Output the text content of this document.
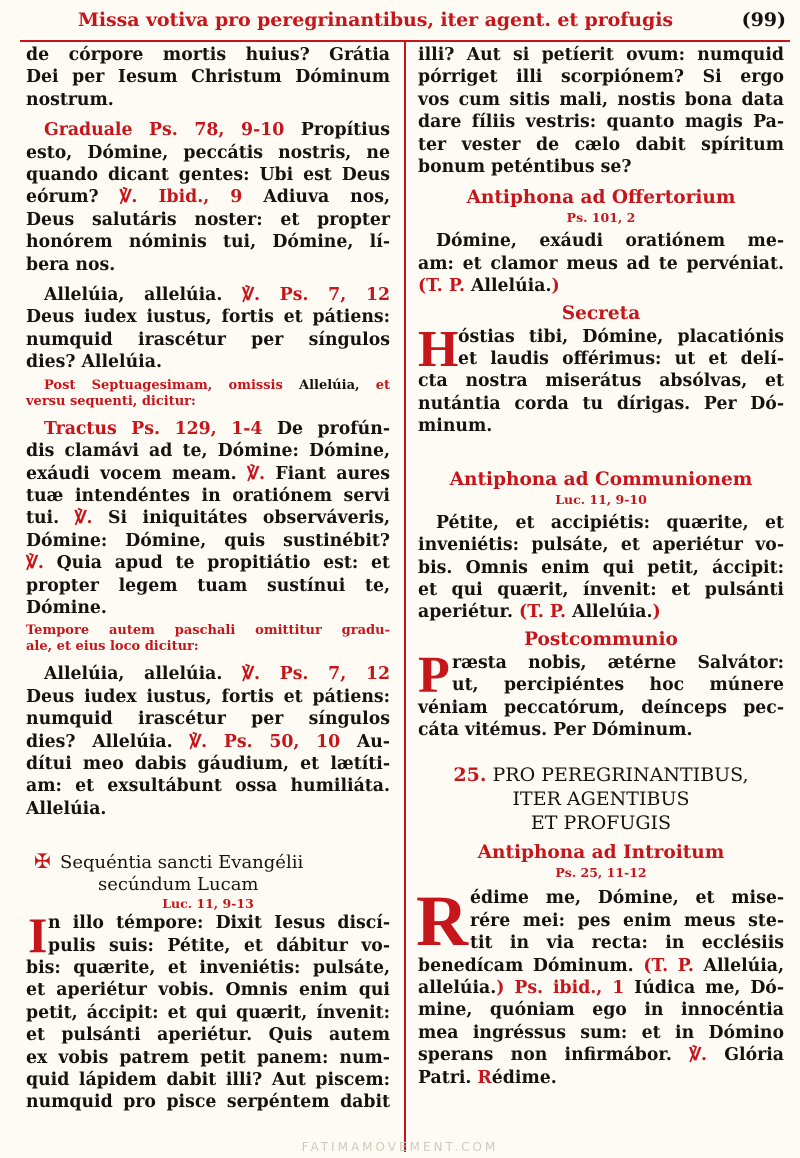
Missa votiva pro peregrinantibus, iter agent. et profugis	(99)
de córpore mortis huius? Grátia
Dei per Iesum Christum Dóminum
nostrum.
Graduale Ps. 78, 9-10 Propítius
esto, Dómine, peccátis nostris, ne
quando dicant gentes: Ubi est Deus
eórum? ℣. Ibid., 9 Adiuva nos,
Deus salutáris noster: et propter
honórem nóminis tui, Dómine, lí-
bera nos.
Allelúia, allelúia. ℣. Ps. 7, 12
Deus iudex iustus, fortis et pátiens:
numquid irascétur per síngulos
dies? Allelúia.
Post Septuagesimam, omissis Allelúia, et
versu sequenti, dicitur:
Tractus Ps. 129, 1-4 De profún-
dis clamávi ad te, Dómine: Dómine,
exáudi vocem meam. ℣. Fiant aures
tuæ intendéntes in oratiónem servi
tui. ℣. Si iniquitátes observáveris,
Dómine: Dómine, quis sustinébit?
℣. Quia apud te propitiátio est: et
propter legem tuam sustínui te,
Dómine.
Tempore autem paschali omittitur gradu-
ale, et eius loco dicitur:
Allelúia, allelúia. ℣. Ps. 7, 12
Deus iudex iustus, fortis et pátiens:
numquid irascétur per síngulos
dies? Allelúia. ℣. Ps. 50, 10 Au-
dítui meo dabis gáudium, et lætíti-
am: et exsultábunt ossa humiliáta.
Allelúia.
✠ Sequéntia sancti Evangélii

secúndum Lucam
Luc. 11, 9-13
I n illo témpore: Dixit Iesus discí-
pulis suis: Pétite, et dábitur vo-
bis: quærite, et inveniétis: pulsáte,
et aperiétur vobis. Omnis enim qui
petit, áccipit: et qui quærit, ínvenit:
et pulsánti aperiétur. Quis autem
ex vobis patrem petit panem: num-
quid lápidem dabit illi? Aut piscem:
numquid pro pisce serpéntem dabit
illi? Aut si petíerit ovum: numquid
pórriget illi scorpiónem? Si ergo
vos cum sitis mali, nostis bona data
dare fíliis vestris: quanto magis Pa-
ter vester de cælo dabit spíritum
bonum peténtibus se?
Antiphona ad Offertorium
Ps. 101, 2
Dómine, exáudi oratiónem me-
am: et clamor meus ad te pervéniat.
(T. P. Allelúia.)
Secreta
H óstias tibi, Dómine, placatiónis
et laudis offérimus: ut et delí-
cta nostra miserátus absólvas, et
nutántia corda tu dírigas. Per Dó-
minum.
Antiphona ad Communionem
Luc. 11, 9-10
Pétite, et accipiétis: quærite, et
inveniétis: pulsáte, et aperiétur vo-
bis. Omnis enim qui petit, áccipit:
et qui quærit, ínvenit: et pulsánti
aperiétur. (T. P. Allelúia.)
Postcommunio
P ræsta nobis, ætérne Salvátor:
ut, percipiéntes hoc múnere
véniam peccatórum, deínceps pec-
cáta vitémus. Per Dóminum.
25. PRO PEREGRINANTIBUS,
ITER AGENTIBUS
ET PROFUGIS
Antiphona ad Introitum
Ps. 25, 11-12
R édime me, Dómine, et mise-
rére mei: pes enim meus ste-
tit in via recta: in ecclésiis
benedícam Dóminum. (T. P. Allelúia,
allelúia.) Ps. ibid., 1 Iúdica me, Dó-
mine, quóniam ego in innocéntia
mea ingréssus sum: et in Dómino
sperans non infirmábor. ℣. Glória
Patri. Rédime.
FATIMAMOVEMENT.COM
